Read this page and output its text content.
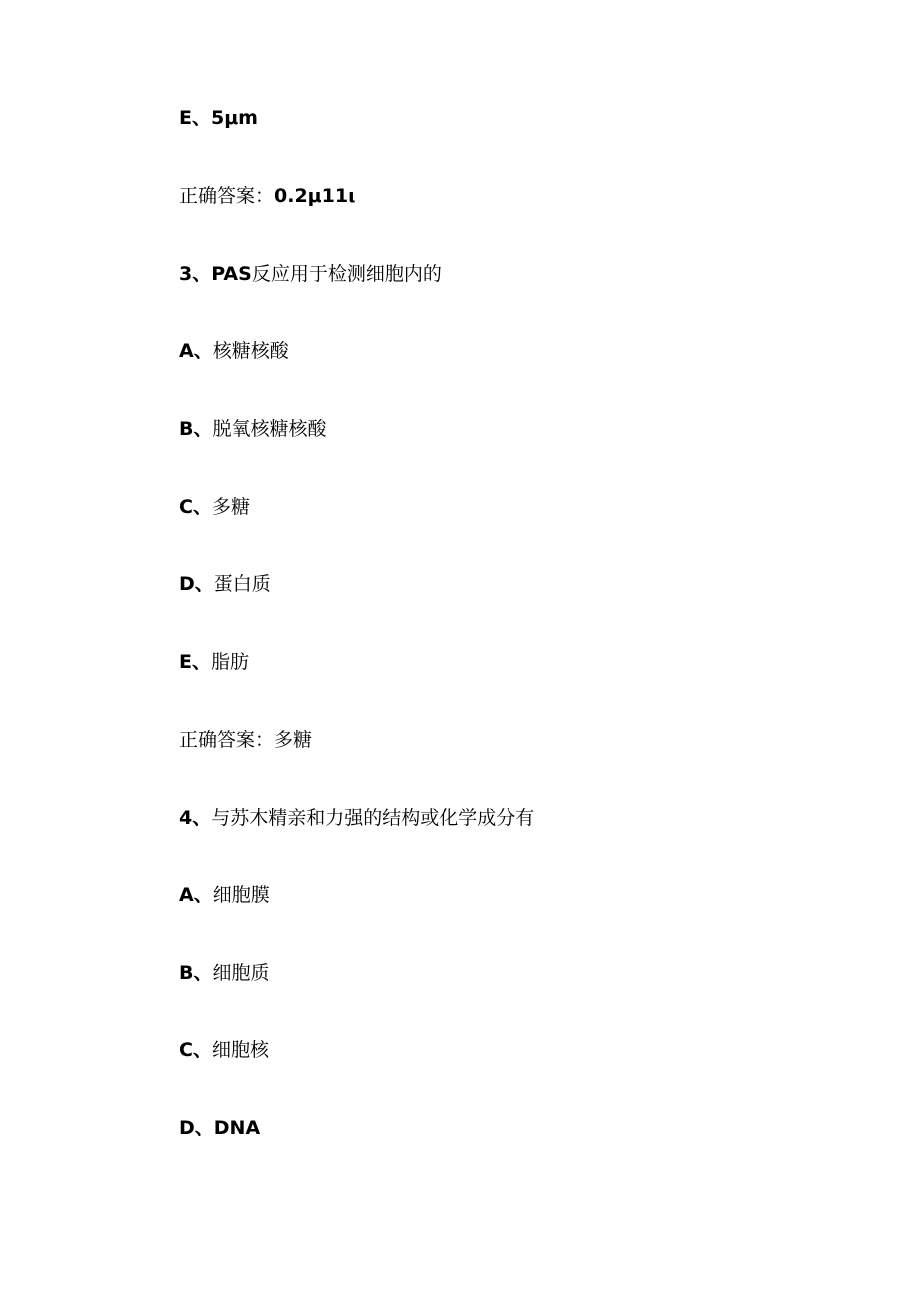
E、5μm
正确答案：0.2μ11ι
3、PAS反应用于检测细胞内的
A、核糖核酸
B、脱氧核糖核酸
C、多糖
D、蛋白质
E、脂肪
正确答案：多糖
4、与苏木精亲和力强的结构或化学成分有
A、细胞膜
B、细胞质
C、细胞核
D、DNA
